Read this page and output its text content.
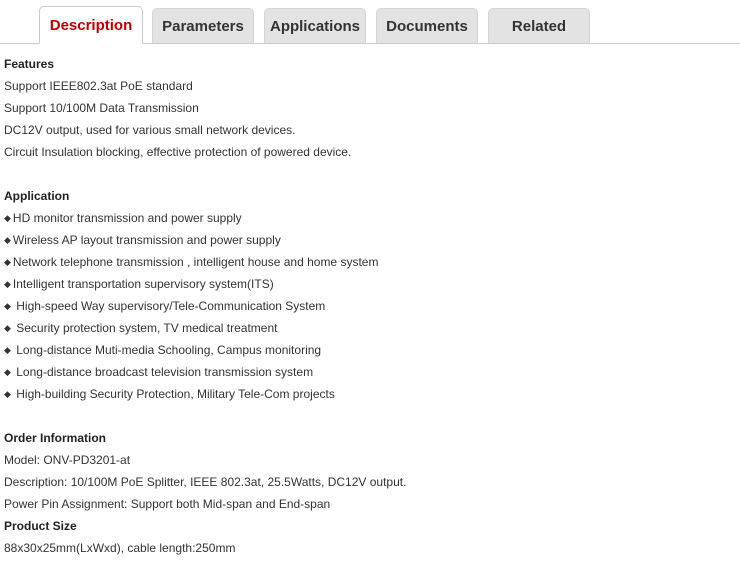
Description	Parameters	Applications	Documents	Related
Features
Support IEEE802.3at PoE standard
Support 10/100M Data Transmission
DC12V output, used for various small network devices.
Circuit Insulation blocking, effective protection of powered device.
Application
◆ HD monitor transmission and power supply
◆ Wireless AP layout transmission and power supply
◆ Network telephone transmission , intelligent house and home system
◆ Intelligent transportation supervisory system(ITS)
◆ High-speed Way supervisory/Tele-Communication System
◆ Security protection system, TV medical treatment
◆ Long-distance Muti-media Schooling, Campus monitoring
◆ Long-distance broadcast television transmission system
◆ High-building Security Protection, Military Tele-Com projects
Order Information
Model: ONV-PD3201-at
Description: 10/100M PoE Splitter, IEEE 802.3at, 25.5Watts, DC12V output.
Power Pin Assignment: Support both Mid-span and End-span
Product Size
88x30x25mm(LxWxd), cable length:250mm
